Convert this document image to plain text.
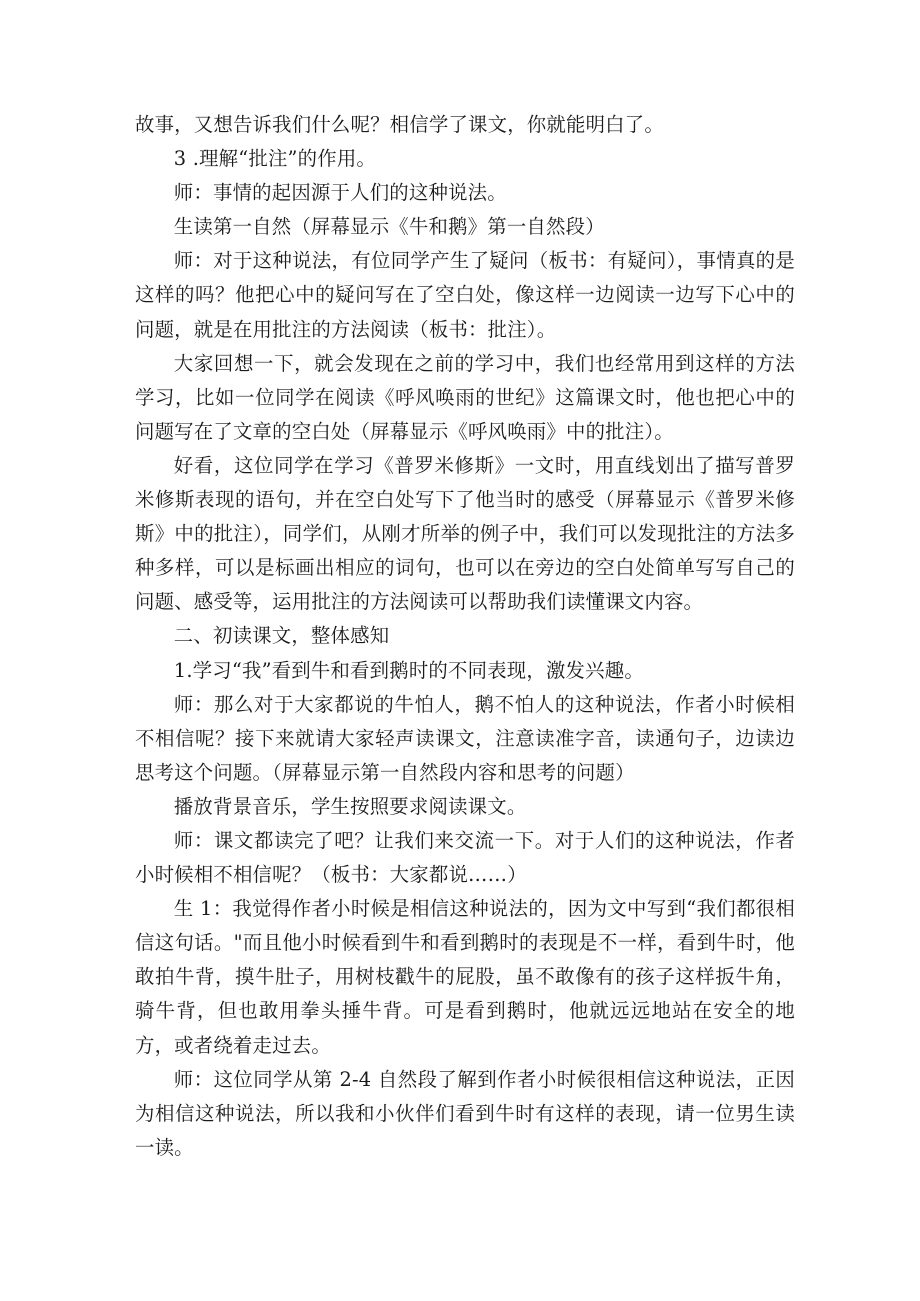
故事，又想告诉我们什么呢？相信学了课文，你就能明白了。

3 .理解“批注”的作用。

师：事情的起因源于人们的这种说法。

生读第一自然（屏幕显示《牛和鹅》第一自然段）

师：对于这种说法，有位同学产生了疑问（板书：有疑问），事情真的是这样的吗？他把心中的疑问写在了空白处，像这样一边阅读一边写下心中的问题，就是在用批注的方法阅读（板书：批注）。

大家回想一下，就会发现在之前的学习中，我们也经常用到这样的方法学习，比如一位同学在阅读《呼风唤雨的世纪》这篇课文时，他也把心中的问题写在了文章的空白处（屏幕显示《呼风唤雨》中的批注）。

好看，这位同学在学习《普罗米修斯》一文时，用直线划出了描写普罗米修斯表现的语句，并在空白处写下了他当时的感受（屏幕显示《普罗米修斯》中的批注），同学们，从刚才所举的例子中，我们可以发现批注的方法多种多样，可以是标画出相应的词句，也可以在旁边的空白处简单写写自己的问题、感受等，运用批注的方法阅读可以帮助我们读懂课文内容。

二、初读课文，整体感知

1.学习“我”看到牛和看到鹅时的不同表现，激发兴趣。

师：那么对于大家都说的牛怕人，鹅不怕人的这种说法，作者小时候相不相信呢？接下来就请大家轻声读课文，注意读准字音，读通句子，边读边思考这个问题。（屏幕显示第一自然段内容和思考的问题）

播放背景音乐，学生按照要求阅读课文。

师：课文都读完了吧？让我们来交流一下。对于人们的这种说法，作者小时候相不相信呢？（板书：大家都说……）

生 1：我觉得作者小时候是相信这种说法的，因为文中写到“我们都很相信这句话。"而且他小时候看到牛和看到鹅时的表现是不一样，看到牛时，他敢拍牛背，摸牛肚子，用树枝戳牛的屁股，虽不敢像有的孩子这样扳牛角，骑牛背，但也敢用拳头捶牛背。可是看到鹅时，他就远远地站在安全的地方，或者绕着走过去。

师：这位同学从第 2-4 自然段了解到作者小时候很相信这种说法，正因为相信这种说法，所以我和小伙伴们看到牛时有这样的表现，请一位男生读一读。
